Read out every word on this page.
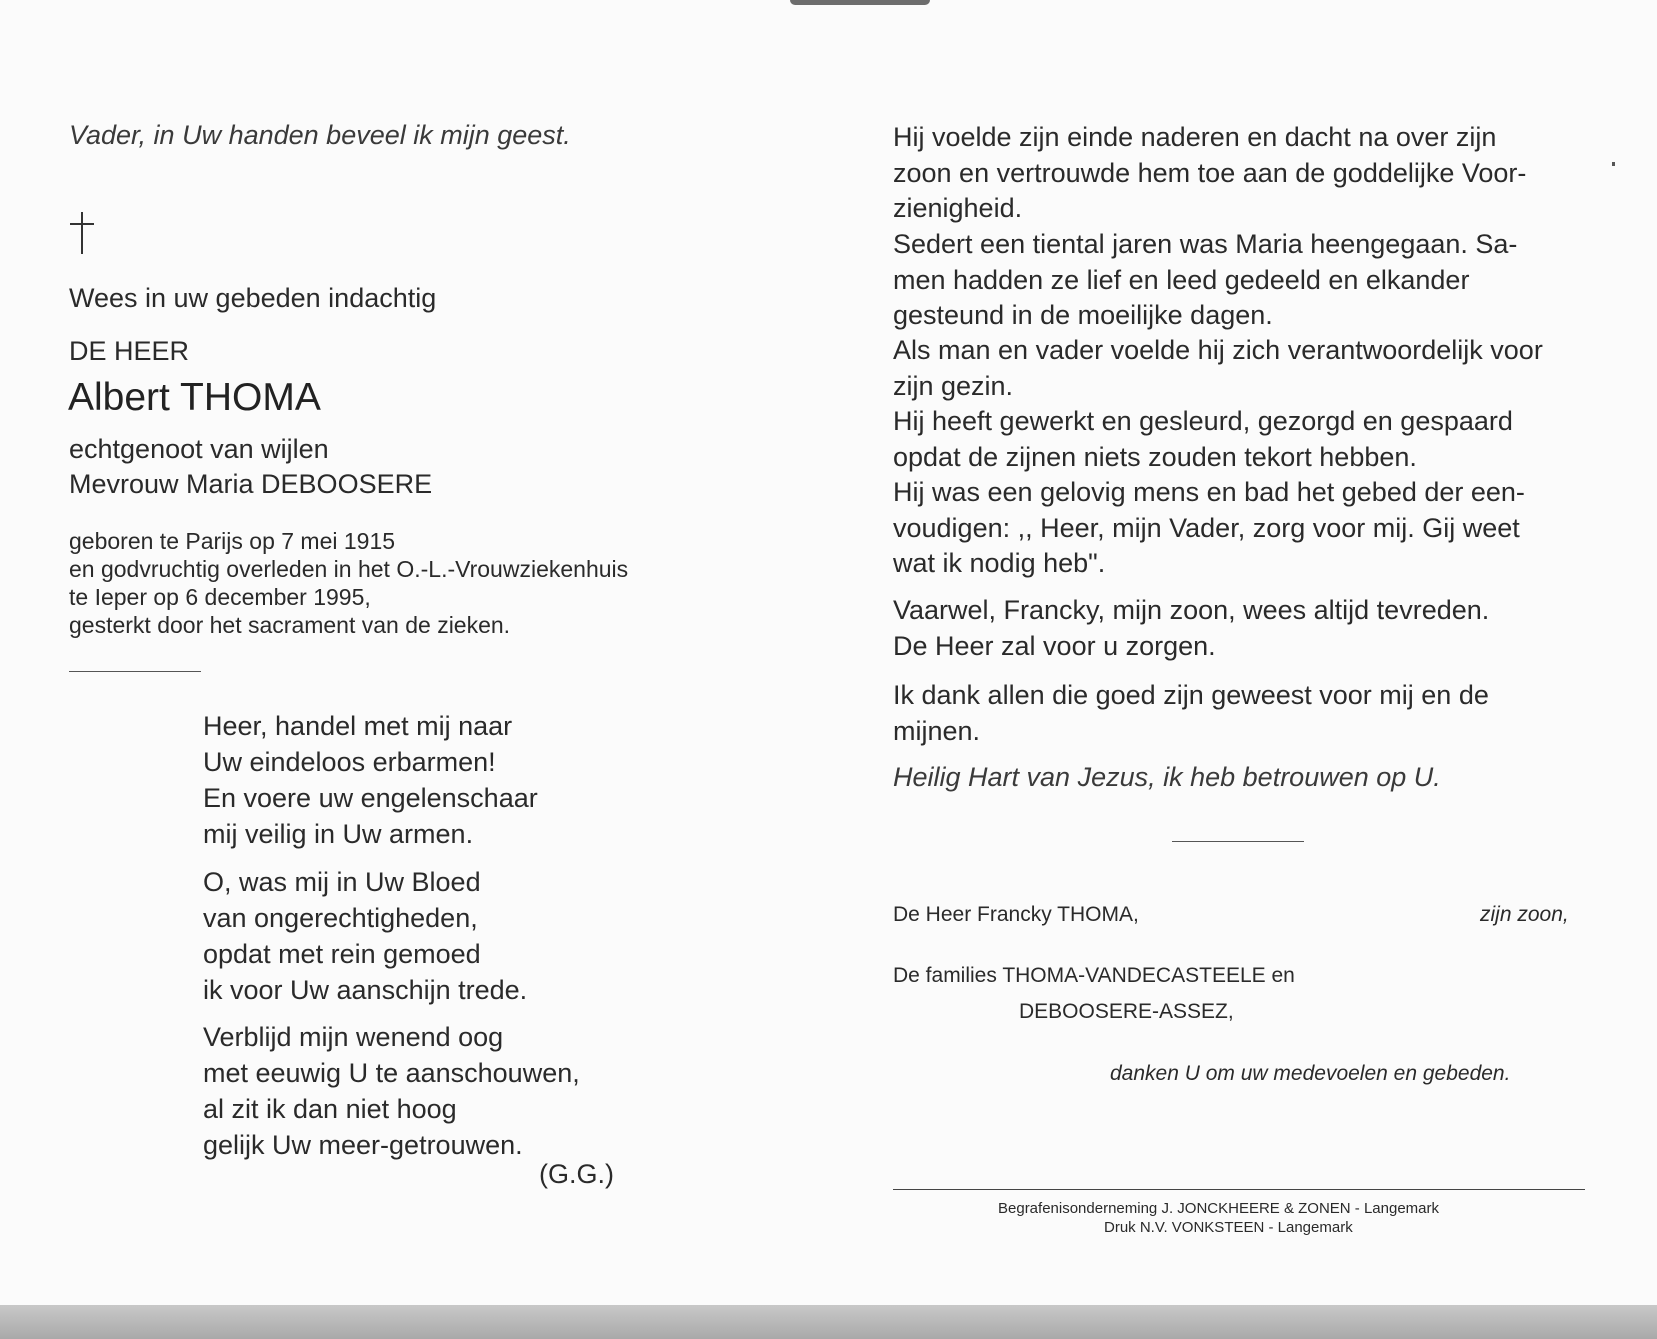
Vader, in Uw handen beveel ik mijn geest.
Wees in uw gebeden indachtig
DE HEER
Albert THOMA
echtgenoot van wijlen
Mevrouw Maria DEBOOSERE
geboren te Parijs op 7 mei 1915
en godvruchtig overleden in het O.-L.-Vrouwziekenhuis
te Ieper op 6 december 1995,
gesterkt door het sacrament van de zieken.
Heer, handel met mij naar
Uw eindeloos erbarmen!
En voere uw engelenschaar
mij veilig in Uw armen.
O, was mij in Uw Bloed
van ongerechtigheden,
opdat met rein gemoed
ik voor Uw aanschijn trede.
Verblijd mijn wenend oog
met eeuwig U te aanschouwen,
al zit ik dan niet hoog
gelijk Uw meer-getrouwen.
(G.G.)
Hij voelde zijn einde naderen en dacht na over zijn
zoon en vertrouwde hem toe aan de goddelijke Voor-
zienigheid.
Sedert een tiental jaren was Maria heengegaan. Sa-
men hadden ze lief en leed gedeeld en elkander
gesteund in de moeilijke dagen.
Als man en vader voelde hij zich verantwoordelijk voor
zijn gezin.
Hij heeft gewerkt en gesleurd, gezorgd en gespaard
opdat de zijnen niets zouden tekort hebben.
Hij was een gelovig mens en bad het gebed der een-
voudigen: ,, Heer, mijn Vader, zorg voor mij. Gij weet
wat ik nodig heb".
Vaarwel, Francky, mijn zoon, wees altijd tevreden.
De Heer zal voor u zorgen.
Ik dank allen die goed zijn geweest voor mij en de
mijnen.
Heilig Hart van Jezus, ik heb betrouwen op U.
De Heer Francky THOMA,	zijn zoon,
De families THOMA-VANDECASTEELE en
DEBOOSERE-ASSEZ,
danken U om uw medevoelen en gebeden.
Begrafenisonderneming J. JONCKHEERE & ZONEN - Langemark
Druk N.V. VONKSTEEN - Langemark
